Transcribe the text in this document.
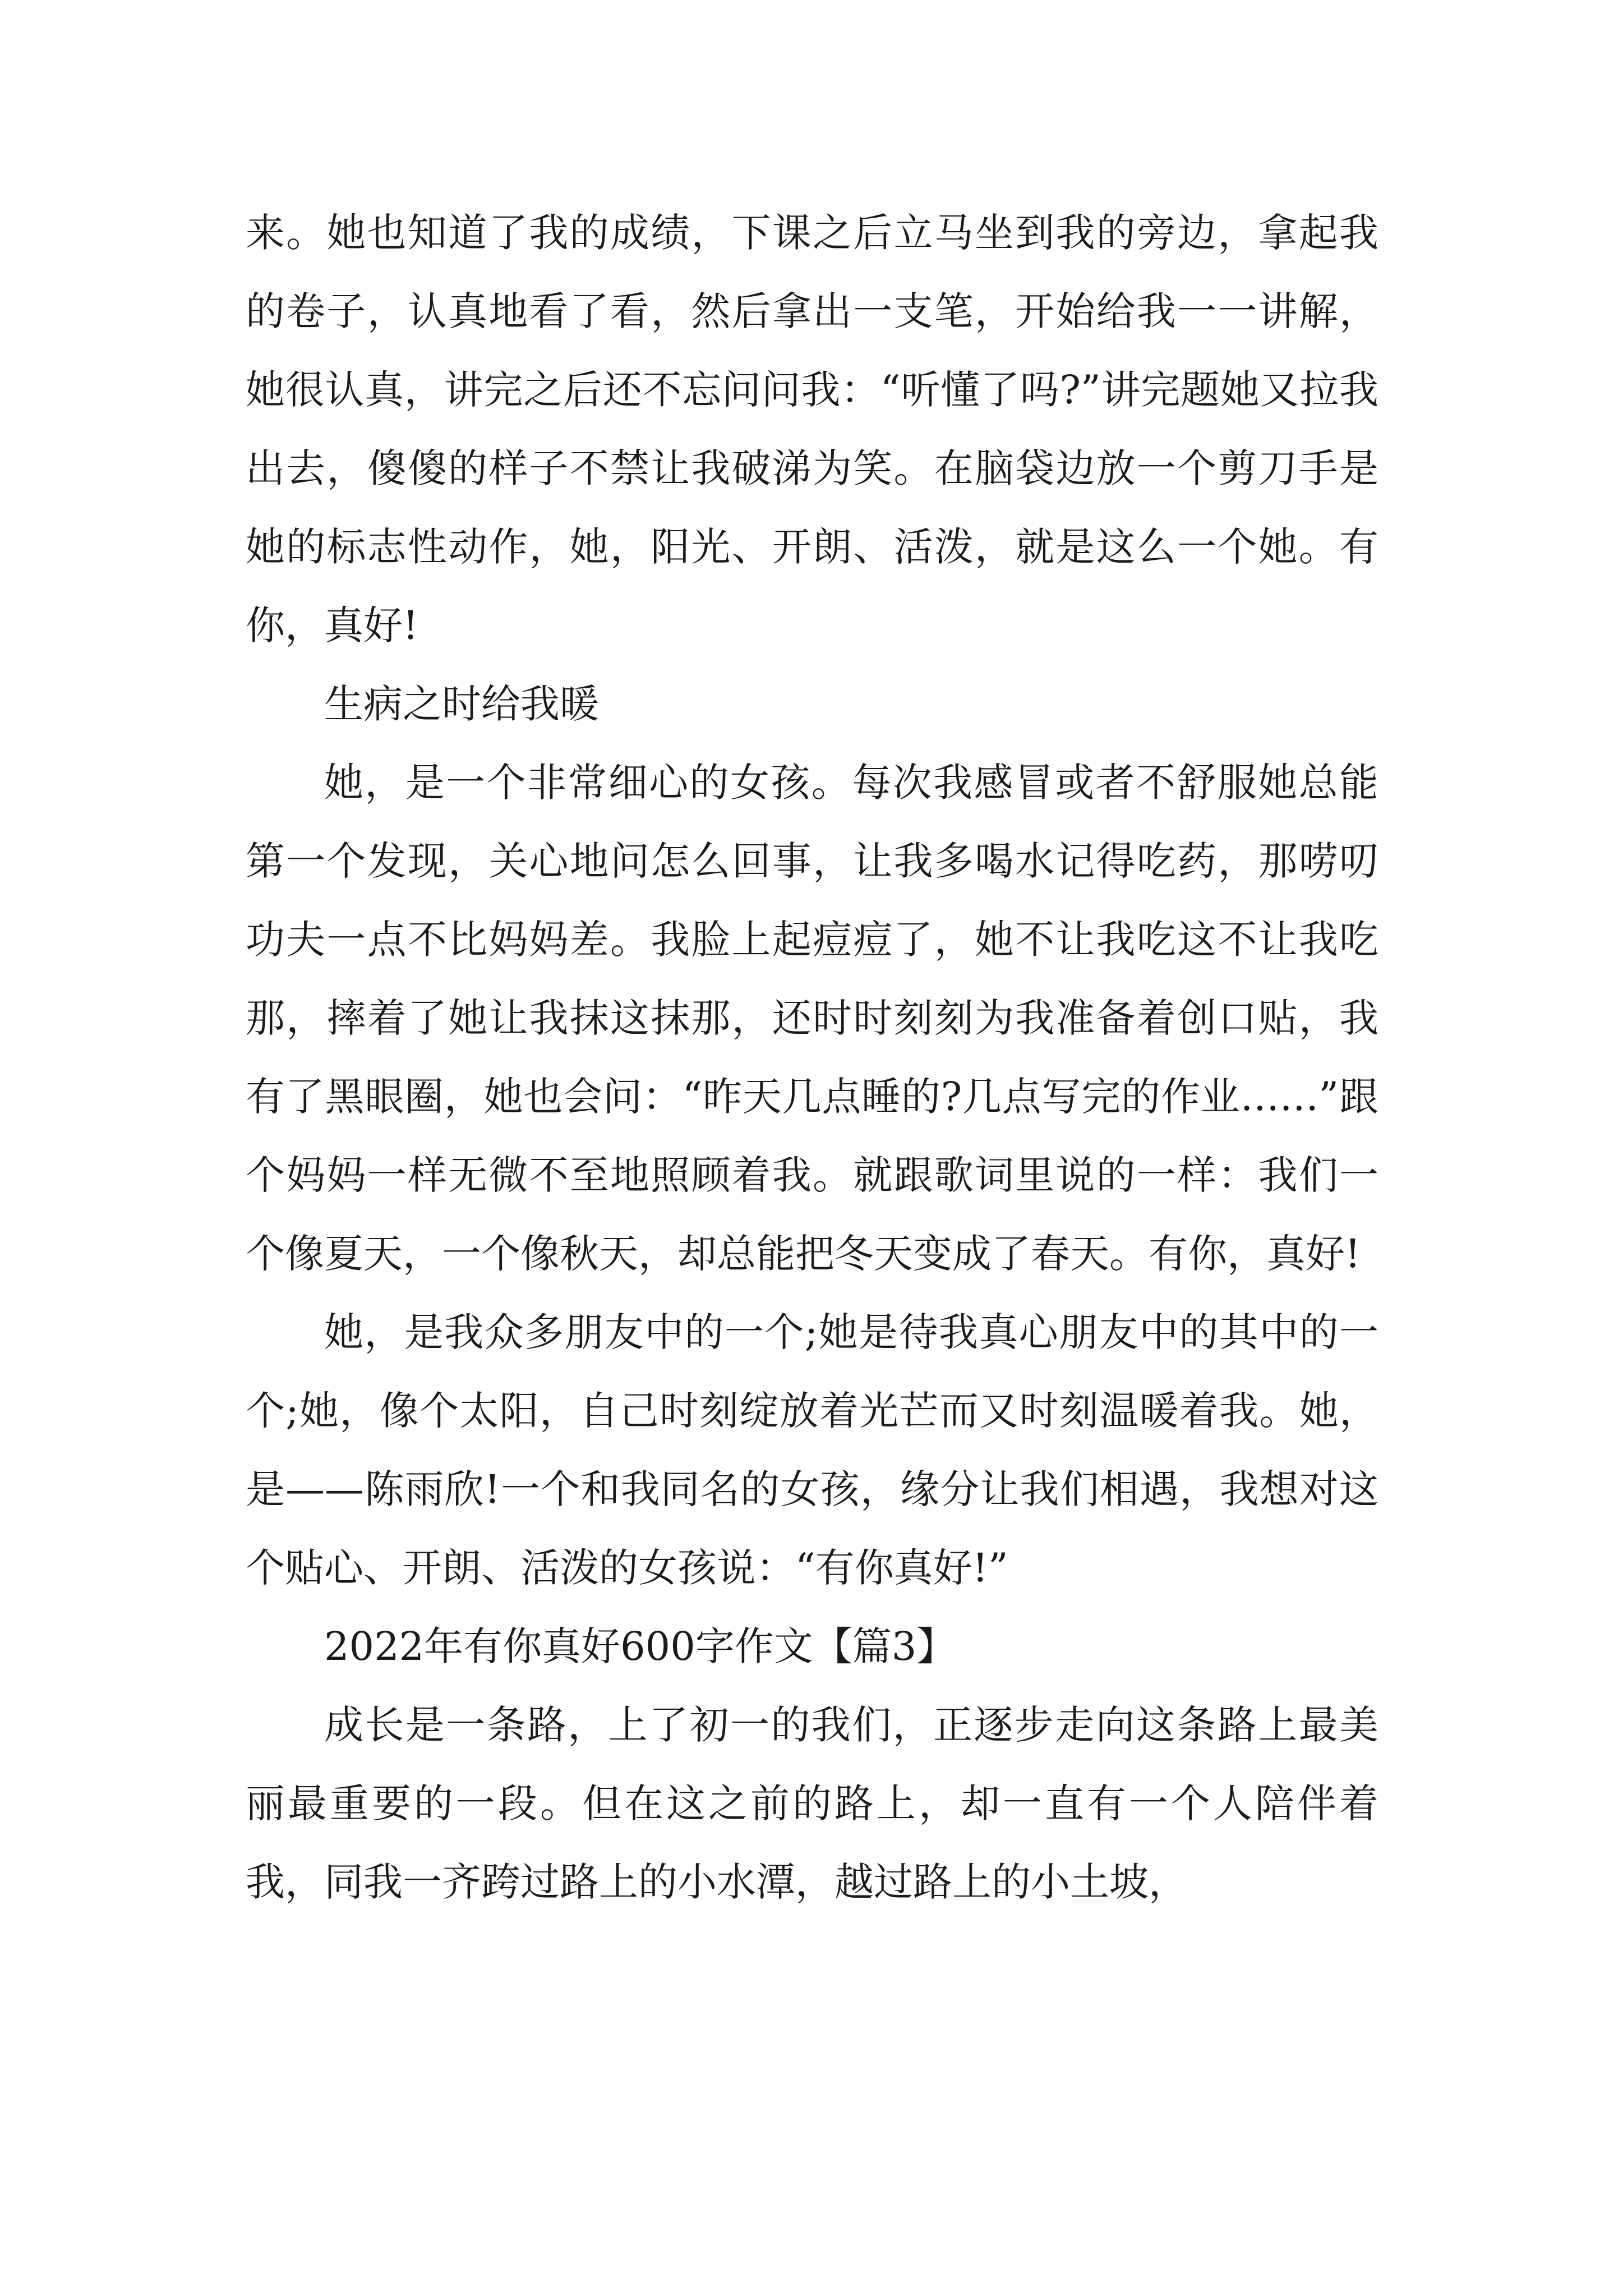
来。她也知道了我的成绩，下课之后立马坐到我的旁边，拿起我的卷子，认真地看了看，然后拿出一支笔，开始给我一一讲解，她很认真，讲完之后还不忘问问我：“听懂了吗?”讲完题她又拉我出去，傻傻的样子不禁让我破涕为笑。在脑袋边放一个剪刀手是她的标志性动作，她，阳光、开朗、活泼，就是这么一个她。有你，真好!

生病之时给我暖

她，是一个非常细心的女孩。每次我感冒或者不舒服她总能第一个发现，关心地问怎么回事，让我多喝水记得吃药，那唠叨功夫一点不比妈妈差。我脸上起痘痘了，她不让我吃这不让我吃那，摔着了她让我抹这抹那，还时时刻刻为我准备着创口贴，我有了黑眼圈，她也会问：“昨天几点睡的?几点写完的作业……”跟个妈妈一样无微不至地照顾着我。就跟歌词里说的一样：我们一个像夏天，一个像秋天，却总能把冬天变成了春天。有你，真好!

她，是我众多朋友中的一个;她是待我真心朋友中的其中的一个;她，像个太阳，自己时刻绽放着光芒而又时刻温暖着我。她，是——陈雨欣!一个和我同名的女孩，缘分让我们相遇，我想对这个贴心、开朗、活泼的女孩说：“有你真好!”

2022年有你真好600字作文【篇3】

成长是一条路，上了初一的我们，正逐步走向这条路上最美丽最重要的一段。但在这之前的路上，却一直有一个人陪伴着我，同我一齐跨过路上的小水潭，越过路上的小土坡，
